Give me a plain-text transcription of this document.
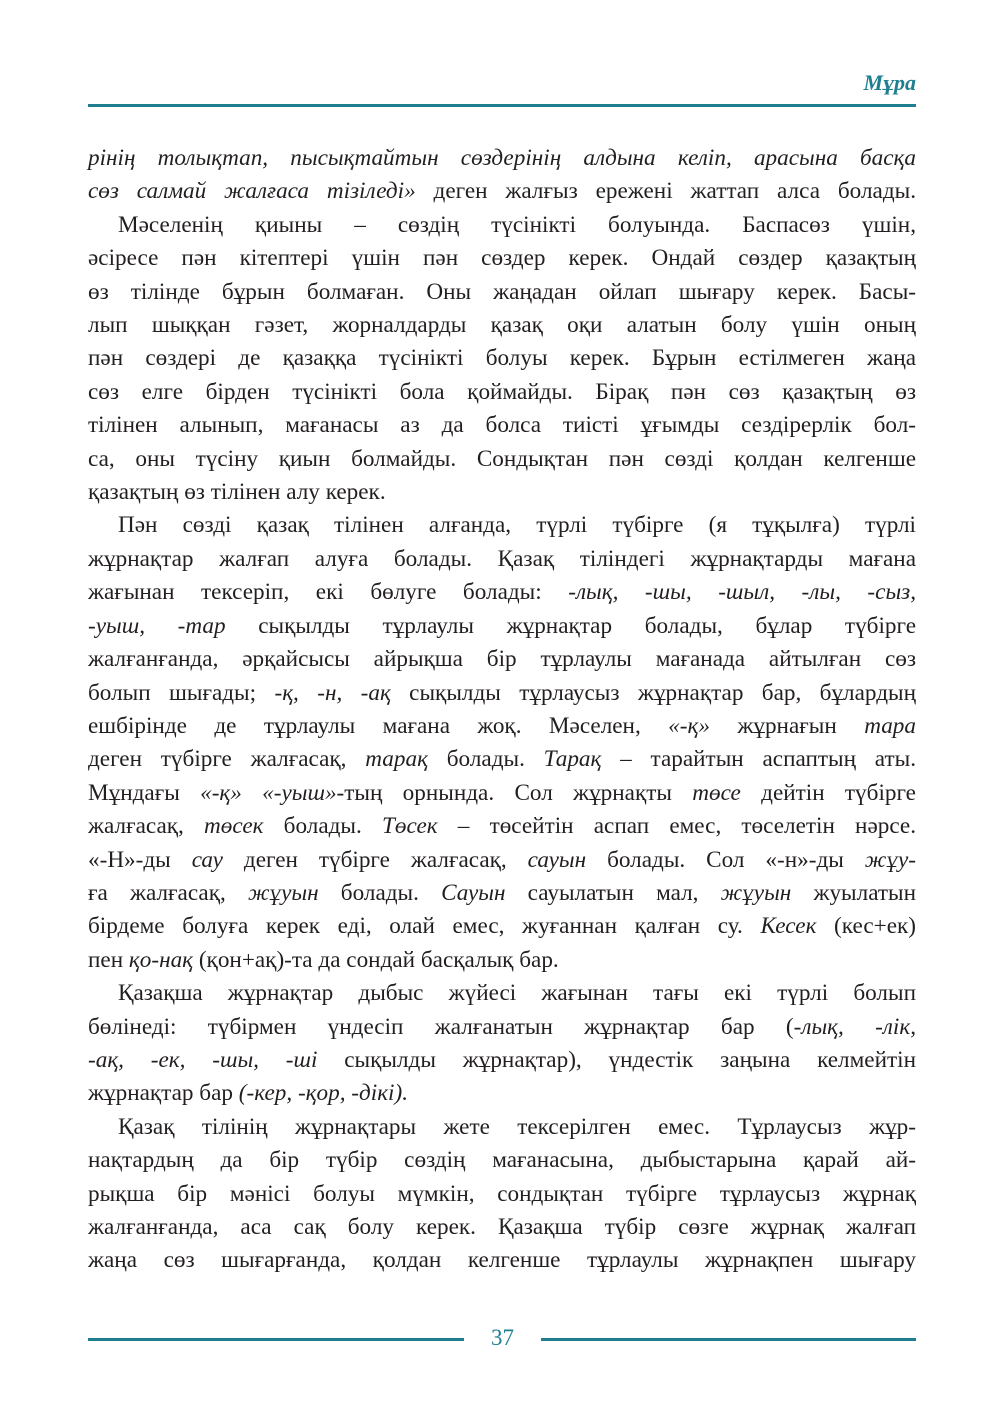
Мұра

рінің толықтап, пысықтайтын сөздерінің алдына келіп, арасына басқа
сөз салмай жалғаса тізіледі» деген жалғыз ережені жаттап алса болады.

Мәселенің қиыны – сөздің түсінікті болуында. Баспасөз үшін,
әсіресе пән кітептері үшін пән сөздер керек. Ондай сөздер қазақтың
өз тілінде бұрын болмаған. Оны жаңадан ойлап шығару керек. Басы-
лып шыққан гәзет, жорналдарды қазақ оқи алатын болу үшін оның
пән сөздері де қазаққа түсінікті болуы керек. Бұрын естілмеген жаңа
сөз елге бірден түсінікті бола қоймайды. Бірақ пән сөз қазақтың өз
тілінен алынып, мағанасы аз да болса тиісті ұғымды сездірерлік бол-
са, оны түсіну қиын болмайды. Сондықтан пән сөзді қолдан келгенше
қазақтың өз тілінен алу керек.

Пән сөзді қазақ тілінен алғанда, түрлі түбірге (я тұқылға) түрлі
жұрнақтар жалғап алуға болады. Қазақ тіліндегі жұрнақтарды мағана
жағынан тексеріп, екі бөлуге болады: -лық, -шы, -шыл, -лы, -сыз,
-уыш, -тар сықылды тұрлаулы жұрнақтар болады, бұлар түбірге
жалғанғанда, әрқайсысы айрықша бір тұрлаулы мағанада айтылған сөз
болып шығады; -қ, -н, -ақ сықылды тұрлаусыз жұрнақтар бар, бұлардың
ешбірінде де тұрлаулы мағана жоқ. Мәселен, «-қ» жұрнағын тара
деген түбірге жалғасақ, тарақ болады. Тарақ – тарайтын аспаптың аты.
Мұндағы «-қ» «-уыш»-тың орнында. Сол жұрнақты төсе дейтін түбірге
жалғасақ, төсек болады. Төсек – төсейтін аспап емес, төселетін нәрсе.
«-Н»-ды сау деген түбірге жалғасақ, сауын болады. Сол «-н»-ды жұу-
ға жалғасақ, жұуын болады. Сауын сауылатын мал, жұуын жуылатын
бірдеме болуға керек еді, олай емес, жуғаннан қалған су. Кесек (кес+ек)
пен қо-нақ (қон+ақ)-та да сондай басқалық бар.

Қазақша жұрнақтар дыбыс жүйесі жағынан тағы екі түрлі болып
бөлінеді: түбірмен үндесіп жалғанатын жұрнақтар бар (-лық, -лік,
-ақ, -ек, -шы, -ші сықылды жұрнақтар), үндестік заңына келмейтін
жұрнақтар бар (-кер, -қор, -дікі).

Қазақ тілінің жұрнақтары жете тексерілген емес. Тұрлаусыз жұр-
нақтардың да бір түбір сөздің мағанасына, дыбыстарына қарай ай-
рықша бір мәнісі болуы мүмкін, сондықтан түбірге тұрлаусыз жұрнақ
жалғанғанда, аса сақ болу керек. Қазақша түбір сөзге жұрнақ жалғап
жаңа сөз шығарғанда, қолдан келгенше тұрлаулы жұрнақпен шығару

37
